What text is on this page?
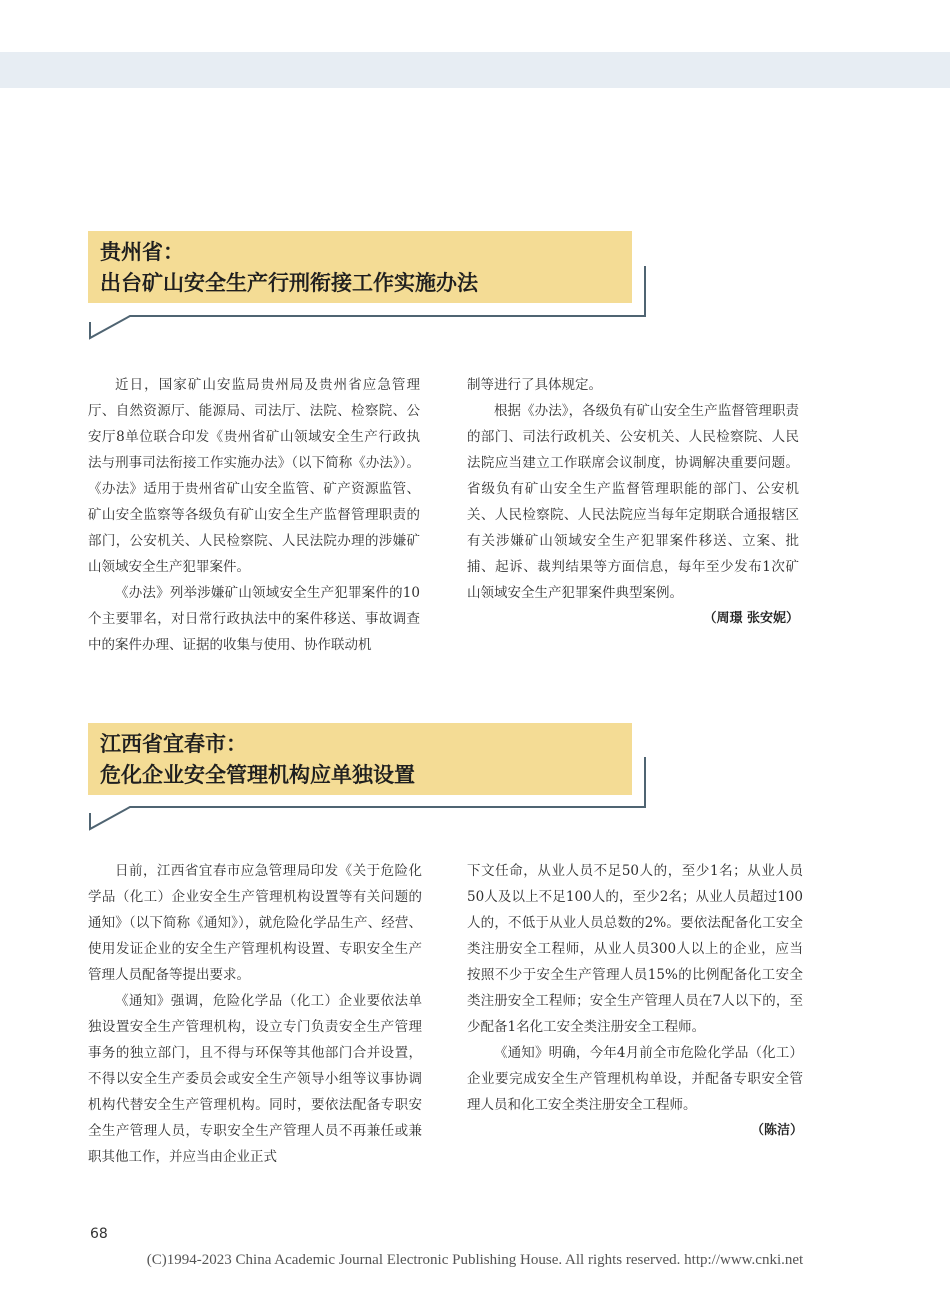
贵州省：
出台矿山安全生产行刑衔接工作实施办法

近日，国家矿山安监局贵州局及贵州省应急管理厅、自然资源厅、能源局、司法厅、法院、检察院、公安厅8单位联合印发《贵州省矿山领域安全生产行政执法与刑事司法衔接工作实施办法》（以下简称《办法》）。《办法》适用于贵州省矿山安全监管、矿产资源监管、矿山安全监察等各级负有矿山安全生产监督管理职责的部门，公安机关、人民检察院、人民法院办理的涉嫌矿山领域安全生产犯罪案件。

《办法》列举涉嫌矿山领域安全生产犯罪案件的10个主要罪名，对日常行政执法中的案件移送、事故调查中的案件办理、证据的收集与使用、协作联动机

制等进行了具体规定。

根据《办法》，各级负有矿山安全生产监督管理职责的部门、司法行政机关、公安机关、人民检察院、人民法院应当建立工作联席会议制度，协调解决重要问题。省级负有矿山安全生产监督管理职能的部门、公安机关、人民检察院、人民法院应当每年定期联合通报辖区有关涉嫌矿山领域安全生产犯罪案件移送、立案、批捕、起诉、裁判结果等方面信息，每年至少发布1次矿山领域安全生产犯罪案件典型案例。

（周璟 张安妮）
江西省宜春市：
危化企业安全管理机构应单独设置

日前，江西省宜春市应急管理局印发《关于危险化学品（化工）企业安全生产管理机构设置等有关问题的通知》（以下简称《通知》），就危险化学品生产、经营、使用发证企业的安全生产管理机构设置、专职安全生产管理人员配备等提出要求。

《通知》强调，危险化学品（化工）企业要依法单独设置安全生产管理机构，设立专门负责安全生产管理事务的独立部门，且不得与环保等其他部门合并设置，不得以安全生产委员会或安全生产领导小组等议事协调机构代替安全生产管理机构。同时，要依法配备专职安全生产管理人员，专职安全生产管理人员不再兼任或兼职其他工作，并应当由企业正式

下文任命，从业人员不足50人的，至少1名；从业人员50人及以上不足100人的，至少2名；从业人员超过100人的，不低于从业人员总数的2%。要依法配备化工安全类注册安全工程师，从业人员300人以上的企业，应当按照不少于安全生产管理人员15%的比例配备化工安全类注册安全工程师；安全生产管理人员在7人以下的，至少配备1名化工安全类注册安全工程师。

《通知》明确，今年4月前全市危险化学品（化工）企业要完成安全生产管理机构单设，并配备专职安全管理人员和化工安全类注册安全工程师。

（陈洁）
68
(C)1994-2023 China Academic Journal Electronic Publishing House. All rights reserved. http://www.cnki.net
